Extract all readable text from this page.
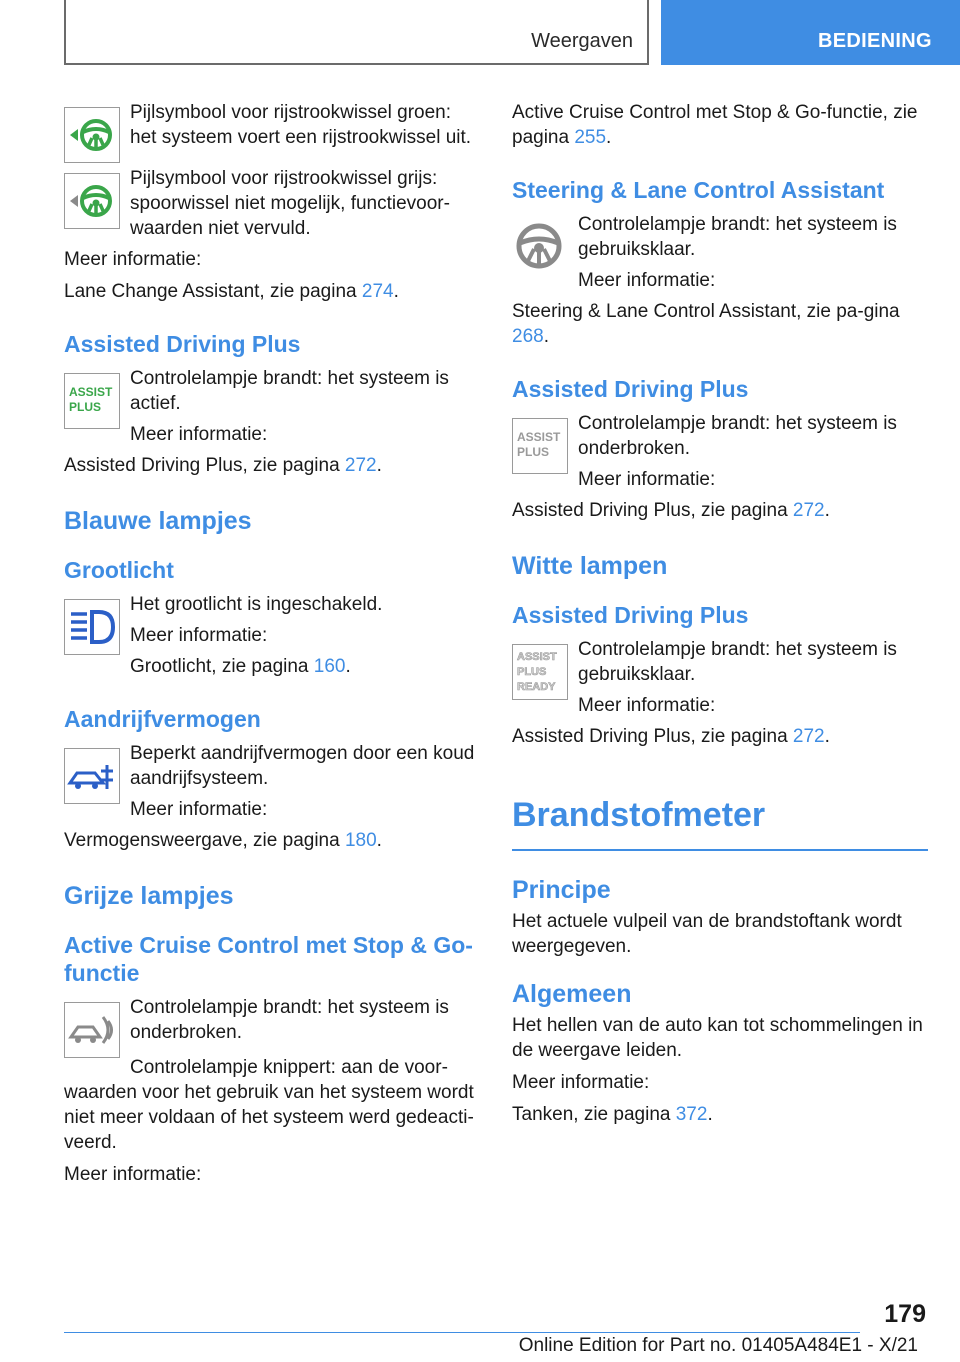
Weergaven	BEDIENING

Pijlsymbool voor rijstrookwissel groen: het systeem voert een rijstrookwissel uit.

Pijlsymbool voor rijstrookwissel grijs: spoorwissel niet mogelijk, functievoor-waarden niet vervuld.

Meer informatie:

Lane Change Assistant, zie pagina 274.

Assisted Driving Plus
ASSIST
PLUS

Controlelampje brandt: het systeem is actief.

Meer informatie:

Assisted Driving Plus, zie pagina 272.

Blauwe lampjes
Grootlicht

Het grootlicht is ingeschakeld.

Meer informatie:

Grootlicht, zie pagina 160.

Aandrijfvermogen

Beperkt aandrijfvermogen door een koud aandrijfsysteem.

Meer informatie:

Vermogensweergave, zie pagina 180.

Grijze lampjes
Active Cruise Control met Stop & Go-functie

Controlelampje brandt: het systeem is onderbroken.

Controlelampje knippert: aan de voor-waarden voor het gebruik van het systeem wordt niet meer voldaan of het systeem werd gedeacti-veerd.

Meer informatie:

Active Cruise Control met Stop & Go-functie, zie pagina 255.

Steering & Lane Control Assistant

Controlelampje brandt: het systeem is gebruiksklaar.

Meer informatie:

Steering & Lane Control Assistant, zie pa-gina 268.

Assisted Driving Plus
ASSIST
PLUS

Controlelampje brandt: het systeem is onderbroken.

Meer informatie:

Assisted Driving Plus, zie pagina 272.

Witte lampen
Assisted Driving Plus
ASSIST
PLUS
READY

Controlelampje brandt: het systeem is gebruiksklaar.

Meer informatie:

Assisted Driving Plus, zie pagina 272.

Brandstofmeter
Principe

Het actuele vulpeil van de brandstoftank wordt weergegeven.

Algemeen

Het hellen van de auto kan tot schommelingen in de weergave leiden.

Meer informatie:

Tanken, zie pagina 372.

179
Online Edition for Part no. 01405A484E1 - X/21
